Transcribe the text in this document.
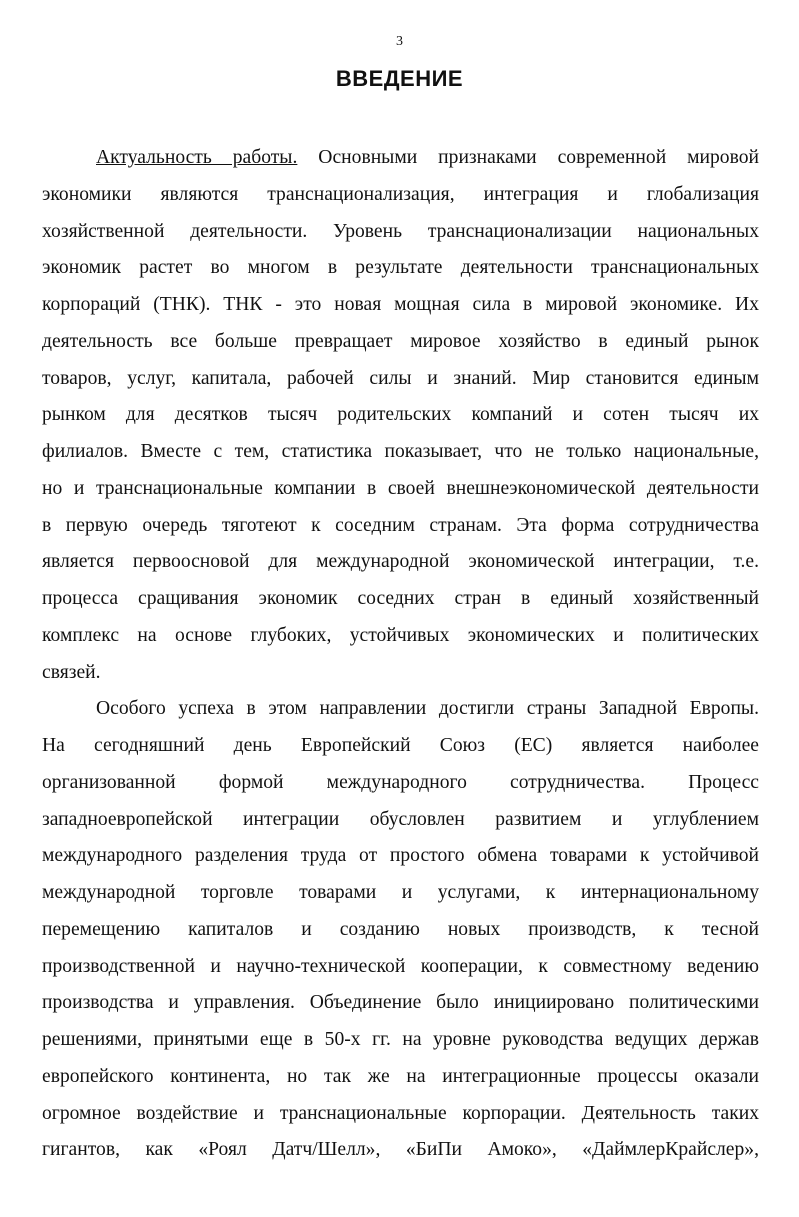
3
ВВЕДЕНИЕ
Актуальность работы. Основными признаками современной мировой
экономики являются транснационализация, интеграция и глобализация
хозяйственной деятельности. Уровень транснационализации национальных
экономик растет во многом в результате деятельности транснациональных
корпораций (ТНК). ТНК - это новая мощная сила в мировой экономике. Их
деятельность все больше превращает мировое хозяйство в единый рынок
товаров, услуг, капитала, рабочей силы и знаний. Мир становится единым
рынком для десятков тысяч родительских компаний и сотен тысяч их
филиалов. Вместе с тем, статистика показывает, что не только национальные,
но и транснациональные компании в своей внешнеэкономической деятельности
в первую очередь тяготеют к соседним странам. Эта форма сотрудничества
является первоосновой для международной экономической интеграции, т.е.
процесса сращивания экономик соседних стран в единый хозяйственный
комплекс на основе глубоких, устойчивых экономических и политических
связей.
Особого успеха в этом направлении достигли страны Западной Европы.
На сегодняшний день Европейский Союз (ЕС) является наиболее
организованной формой международного сотрудничества. Процесс
западноевропейской интеграции обусловлен развитием и углублением
международного разделения труда от простого обмена товарами к устойчивой
международной торговле товарами и услугами, к интернациональному
перемещению капиталов и созданию новых производств, к тесной
производственной и научно-технической кооперации, к совместному ведению
производства и управления. Объединение было инициировано политическими
решениями, принятыми еще в 50-х гг. на уровне руководства ведущих держав
европейского континента, но так же на интеграционные процессы оказали
огромное воздействие и транснациональные корпорации. Деятельность таких
гигантов, как «Роял Датч/Шелл», «БиПи Амоко», «ДаймлерКрайслер»,
